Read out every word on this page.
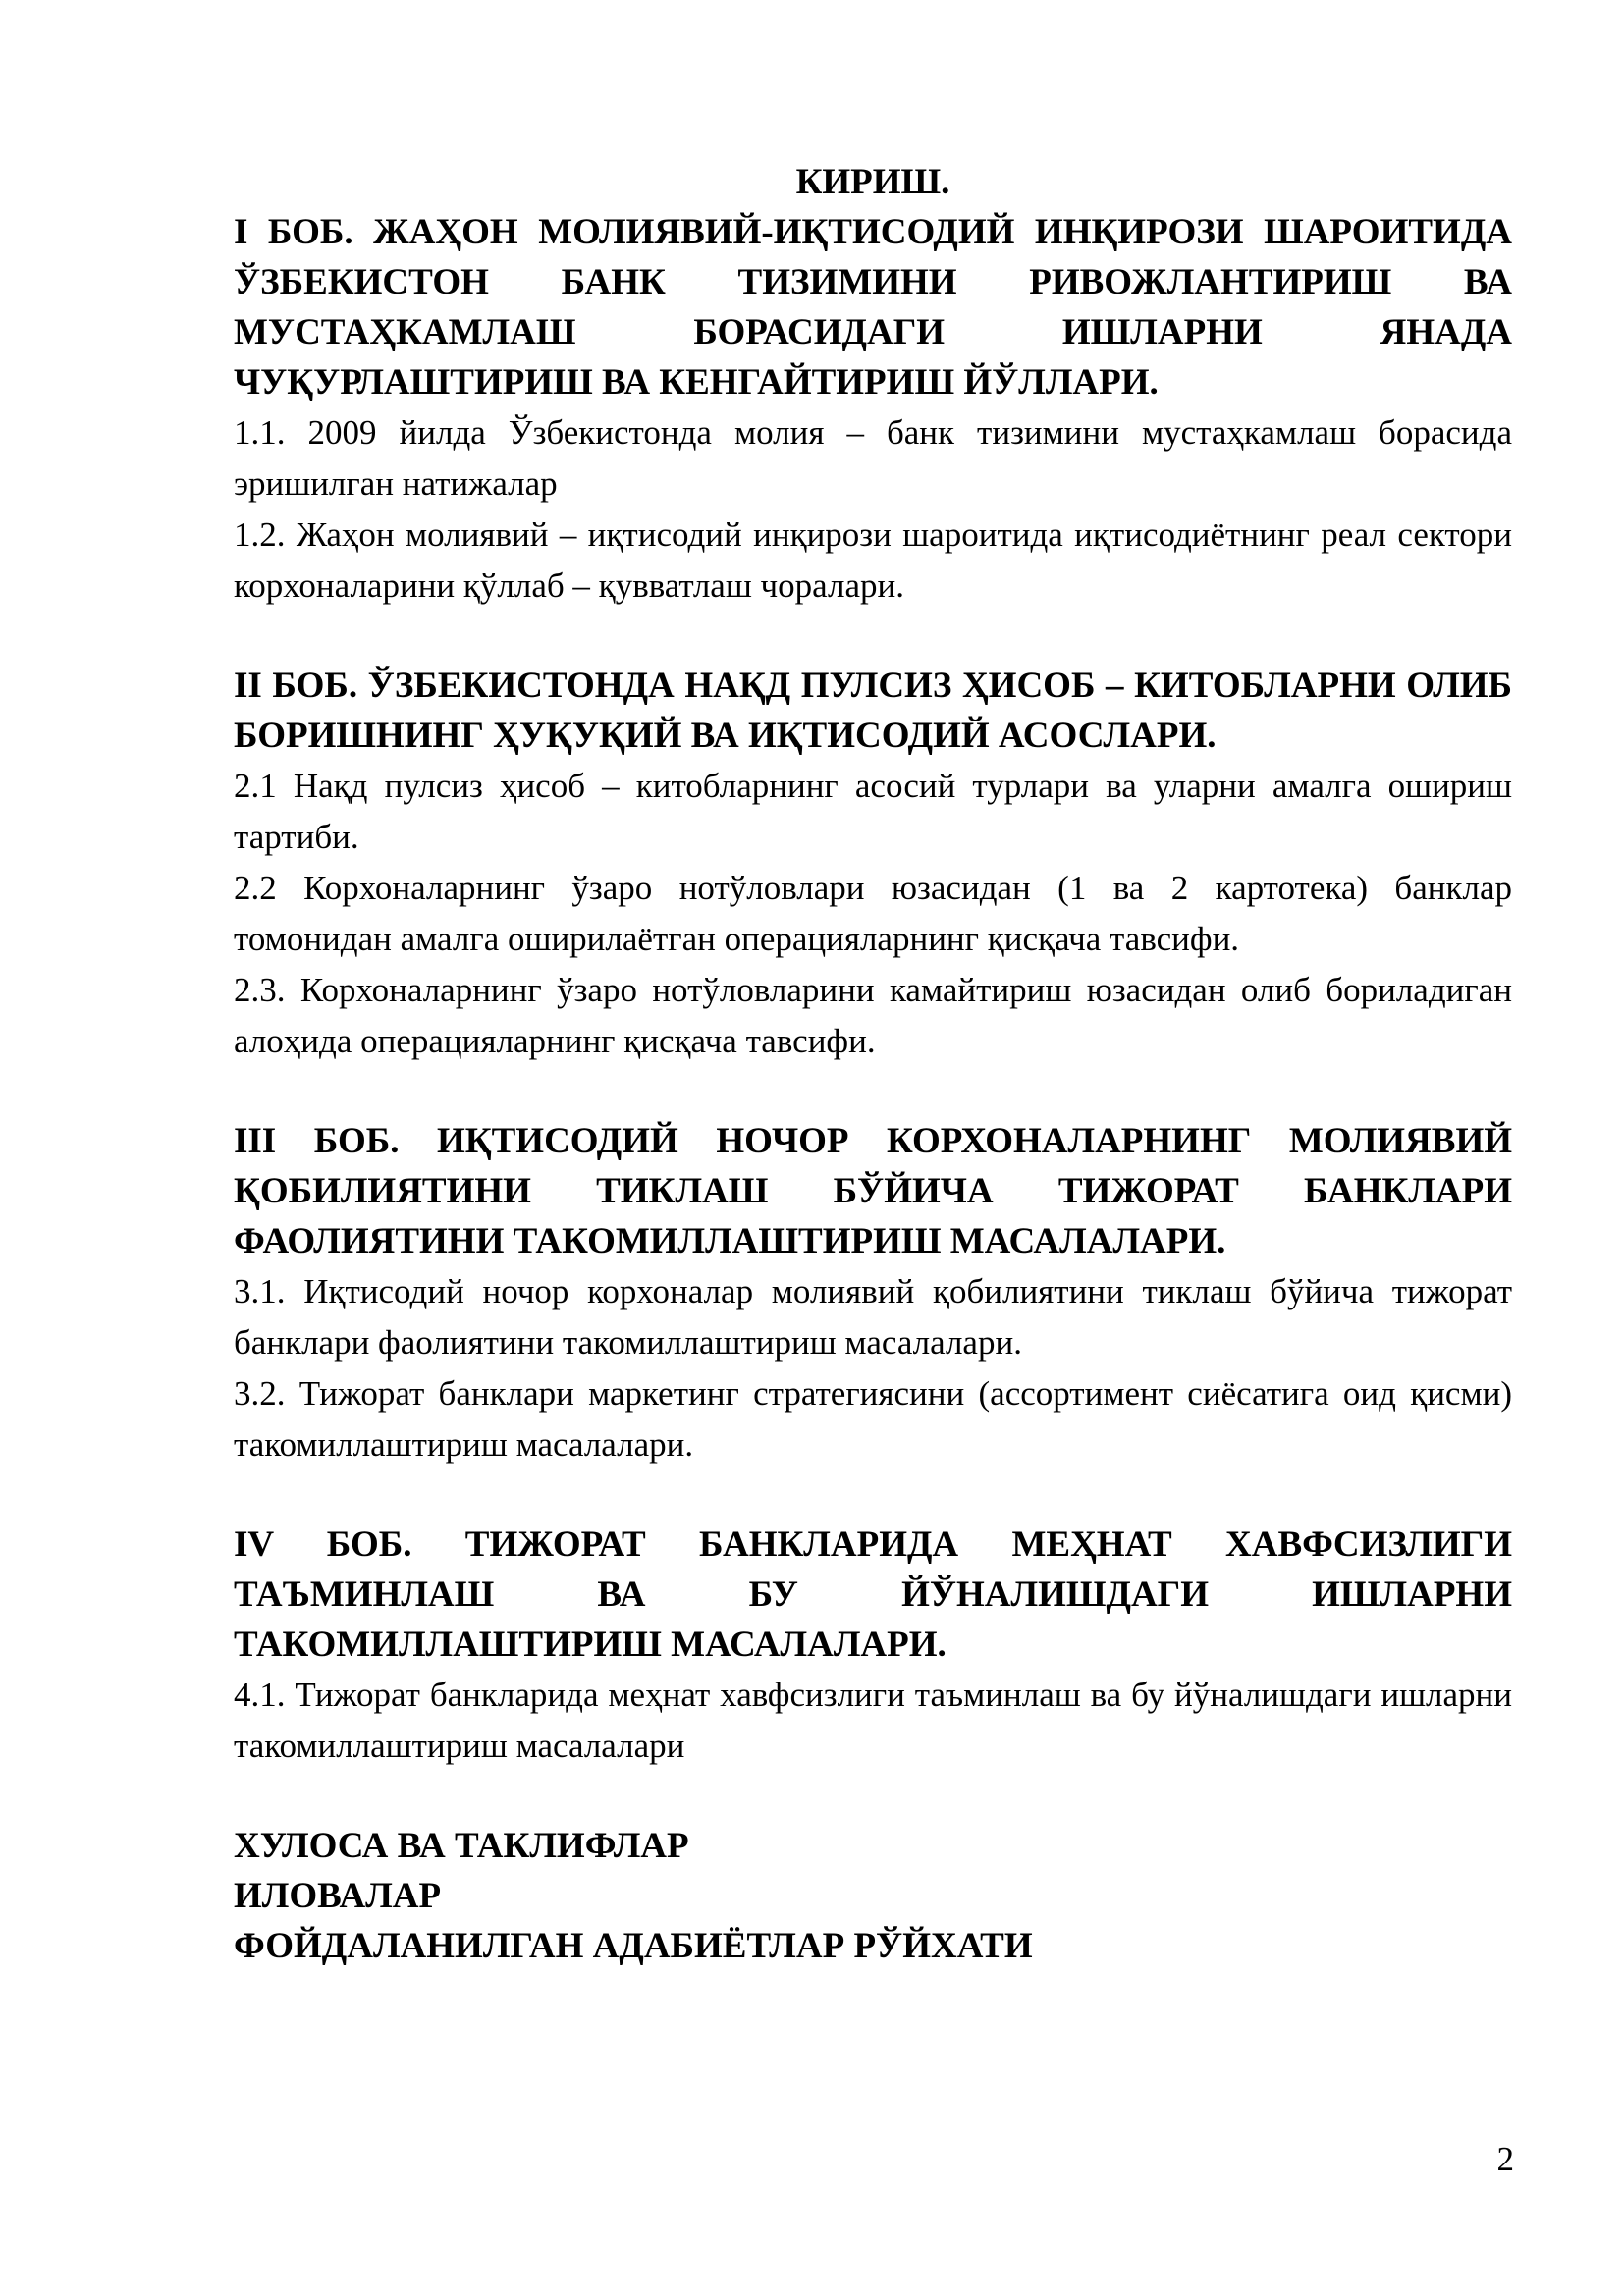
КИРИШ.

I БОБ. ЖАҲОН МОЛИЯВИЙ-ИҚТИСОДИЙ ИНҚИРОЗИ ШАРОИТИДА ЎЗБЕКИСТОН БАНК ТИЗИМИНИ РИВОЖЛАНТИРИШ ВА МУСТАҲКАМЛАШ БОРАСИДАГИ ИШЛАРНИ ЯНАДА ЧУҚУРЛАШТИРИШ ВА КЕНГАЙТИРИШ ЙЎЛЛАРИ.

1.1. 2009 йилда Ўзбекистонда молия – банк тизимини мустаҳкамлаш борасида эришилган натижалар

1.2. Жаҳон молиявий – иқтисодий инқирози шароитида иқтисодиётнинг реал сектори корхоналарини қўллаб – қувватлаш чоралари.

II БОБ. ЎЗБЕКИСТОНДА НАҚД ПУЛСИЗ ҲИСОБ – КИТОБЛАРНИ ОЛИБ БОРИШНИНГ ҲУҚУҚИЙ ВА ИҚТИСОДИЙ АСОСЛАРИ.

2.1 Нақд пулсиз ҳисоб – китобларнинг асосий турлари ва уларни амалга ошириш тартиби.

2.2 Корхоналарнинг ўзаро нотўловлари юзасидан (1 ва 2 картотека) банклар томонидан амалга оширилаётган операцияларнинг қисқача тавсифи.

2.3. Корхоналарнинг ўзаро нотўловларини камайтириш юзасидан олиб бориладиган алоҳида операцияларнинг қисқача тавсифи.

III БОБ. ИҚТИСОДИЙ НОЧОР КОРХОНАЛАРНИНГ МОЛИЯВИЙ ҚОБИЛИЯТИНИ ТИКЛАШ БЎЙИЧА ТИЖОРАТ БАНКЛАРИ ФАОЛИЯТИНИ ТАКОМИЛЛАШТИРИШ МАСАЛАЛАРИ.

3.1. Иқтисодий ночор корхоналар молиявий қобилиятини тиклаш бўйича тижорат банклари фаолиятини такомиллаштириш масалалари.

3.2. Тижорат банклари маркетинг стратегиясини (ассортимент сиёсатига оид қисми) такомиллаштириш масалалари.

IV БОБ. ТИЖОРАТ БАНКЛАРИДА МЕҲНАТ ХАВФСИЗЛИГИ ТАЪМИНЛАШ ВА БУ ЙЎНАЛИШДАГИ ИШЛАРНИ ТАКОМИЛЛАШТИРИШ МАСАЛАЛАРИ.

4.1. Тижорат банкларида меҳнат хавфсизлиги таъминлаш ва бу йўналишдаги ишларни такомиллаштириш масалалари

ХУЛОСА ВА ТАКЛИФЛАР

ИЛОВАЛАР

ФОЙДАЛАНИЛГАН АДАБИЁТЛАР РЎЙХАТИ

2
